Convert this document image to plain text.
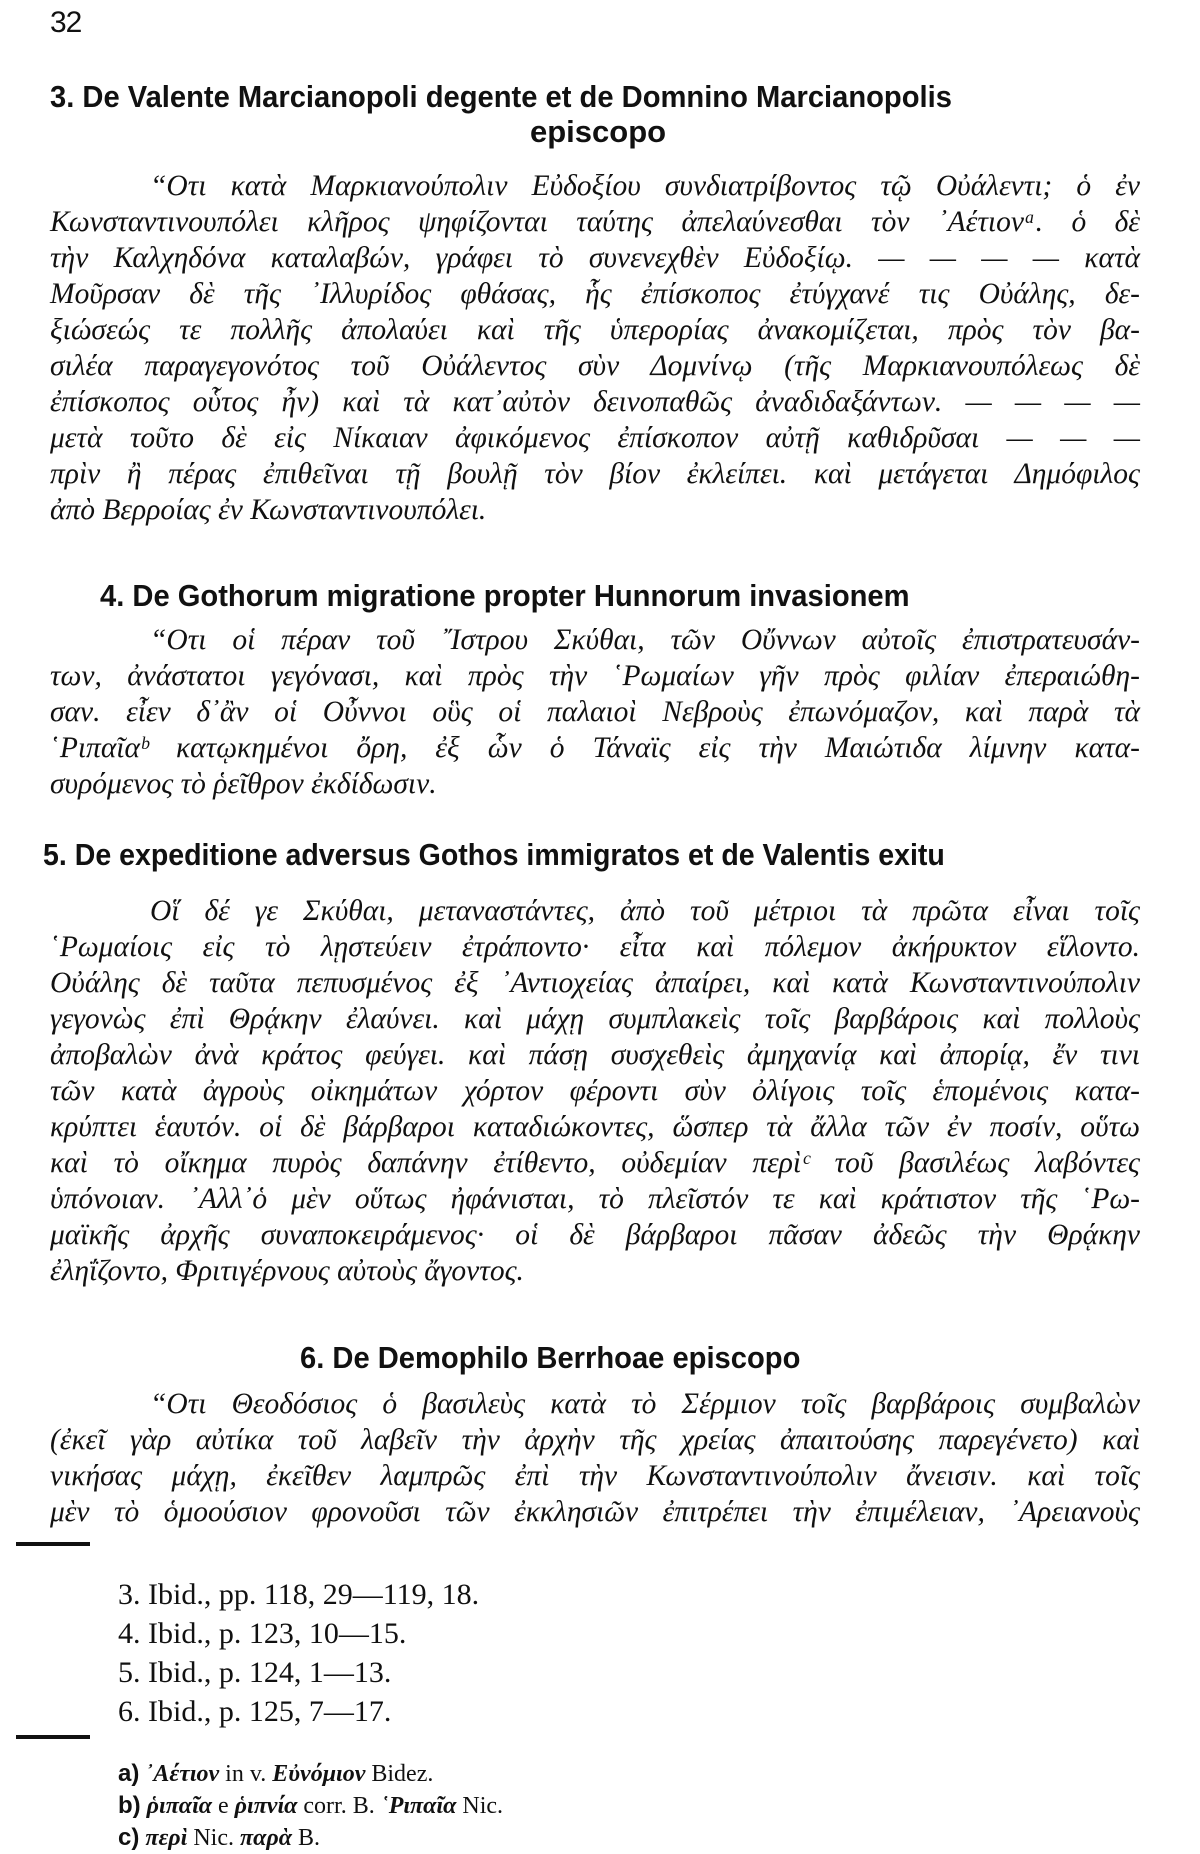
32
3. De Valente Marcianopoli degente et de Domnino Marcianopolis
episcopo
“Οτι κατὰ Μαρκιανούπολιν Εὐδοξίου συνδιατρίβοντος τῷ Οὐάλεντι; ὁ ἐν
Κωνσταντινουπόλει κλῆρος ψηφίζονται ταύτης ἀπελαύνεσθαι τὸν ᾿Αέτιονᵃ. ὁ δὲ
τὴν Καλχηδόνα καταλαβών, γράφει τὸ συνενεχθὲν Εὐδοξίῳ. — — — — κατὰ
Μοῦρσαν δὲ τῆς ᾿Ιλλυρίδος φθάσας, ἧς ἐπίσκοπος ἐτύγχανέ τις Οὐάλης, δε-
ξιώσεώς τε πολλῆς ἀπολαύει καὶ τῆς ὑπερορίας ἀνακομίζεται, πρὸς τὸν βα-
σιλέα παραγεγονότος τοῦ Οὐάλεντος σὺν Δομνίνῳ (τῆς Μαρκιανουπόλεως δὲ
ἐπίσκοπος οὗτος ἦν) καὶ τὰ κατ᾿αὐτὸν δεινοπαθῶς ἀναδιδαξάντων. — — — —
μετὰ τοῦτο δὲ εἰς Νίκαιαν ἀφικόμενος ἐπίσκοπον αὐτῇ καθιδρῦσαι — — —
πρὶν ἢ πέρας ἐπιθεῖναι τῇ βουλῇ τὸν βίον ἐκλείπει. καὶ μετάγεται Δημόφιλος
ἀπὸ Βερροίας ἐν Κωνσταντινουπόλει.
4. De Gothorum migratione propter Hunnorum invasionem
“Οτι οἱ πέραν τοῦ ῎Ιστρου Σκύθαι, τῶν Οὔννων αὐτοῖς ἐπιστρατευσάν-
των, ἀνάστατοι γεγόνασι, καὶ πρὸς τὴν ῾Ρωμαίων γῆν πρὸς φιλίαν ἐπεραιώθη-
σαν. εἶεν δ᾿ἂν οἱ Οὖννοι οὓς οἱ παλαιοὶ Νεβροὺς ἐπωνόμαζον, καὶ παρὰ τὰ
῾Ριπαῖαᵇ κατῳκημένοι ὄρη, ἐξ ὧν ὁ Τάναϊς εἰς τὴν Μαιώτιδα λίμνην κατα-
συρόμενος τὸ ῥεῖθρον ἐκδίδωσιν.
5. De expeditione adversus Gothos immigratos et de Valentis exitu
Οἵ δέ γε Σκύθαι, μεταναστάντες, ἀπὸ τοῦ μέτριοι τὰ πρῶτα εἶναι τοῖς
῾Ρωμαίοις εἰς τὸ λῃστεύειν ἐτράποντο· εἶτα καὶ πόλεμον ἀκήρυκτον εἵλοντο.
Οὐάλης δὲ ταῦτα πεπυσμένος ἐξ ᾿Αντιοχείας ἀπαίρει, καὶ κατὰ Κωνσταντινούπολιν
γεγονὼς ἐπὶ Θρᾴκην ἐλαύνει. καὶ μάχῃ συμπλακεὶς τοῖς βαρβάροις καὶ πολλοὺς
ἀποβαλὼν ἀνὰ κράτος φεύγει. καὶ πάσῃ συσχεθεὶς ἀμηχανίᾳ καὶ ἀπορίᾳ, ἔν τινι
τῶν κατὰ ἀγροὺς οἰκημάτων χόρτον φέροντι σὺν ὀλίγοις τοῖς ἑπομένοις κατα-
κρύπτει ἑαυτόν. οἱ δὲ βάρβαροι καταδιώκοντες, ὥσπερ τὰ ἄλλα τῶν ἐν ποσίν, οὕτω
καὶ τὸ οἴκημα πυρὸς δαπάνην ἐτίθεντο, οὐδεμίαν περὶᶜ τοῦ βασιλέως λαβόντες
ὑπόνοιαν. ᾿Αλλ᾿ὁ μὲν οὕτως ἠφάνισται, τὸ πλεῖστόν τε καὶ κράτιστον τῆς ῾Ρω-
μαϊκῆς ἀρχῆς συναποκειράμενος· οἱ δὲ βάρβαροι πᾶσαν ἀδεῶς τὴν Θρᾴκην
ἐληΐζοντο, Φριτιγέρνους αὐτοὺς ἄγοντος.
6. De Demophilo Berrhoae episcopo
“Οτι Θεοδόσιος ὁ βασιλεὺς κατὰ τὸ Σέρμιον τοῖς βαρβάροις συμβαλὼν
(ἐκεῖ γὰρ αὐτίκα τοῦ λαβεῖν τὴν ἀρχὴν τῆς χρείας ἀπαιτούσης παρεγένετο) καὶ
νικήσας μάχῃ, ἐκεῖθεν λαμπρῶς ἐπὶ τὴν Κωνσταντινούπολιν ἄνεισιν. καὶ τοῖς
μὲν τὸ ὁμοούσιον φρονοῦσι τῶν ἐκκλησιῶν ἐπιτρέπει τὴν ἐπιμέλειαν, ᾿Αρειανοὺς
3. Ibid., pp. 118, 29—119, 18.
4. Ibid., p. 123, 10—15.
5. Ibid., p. 124, 1—13.
6. Ibid., p. 125, 7—17.
a) ᾿Αέτιον in v. Εὐνόμιον Bidez.
b) ῥιπαῖα e ῥιπνία corr. B. ῾Ριπαῖα Nic.
c) περὶ Nic. παρὰ B.
